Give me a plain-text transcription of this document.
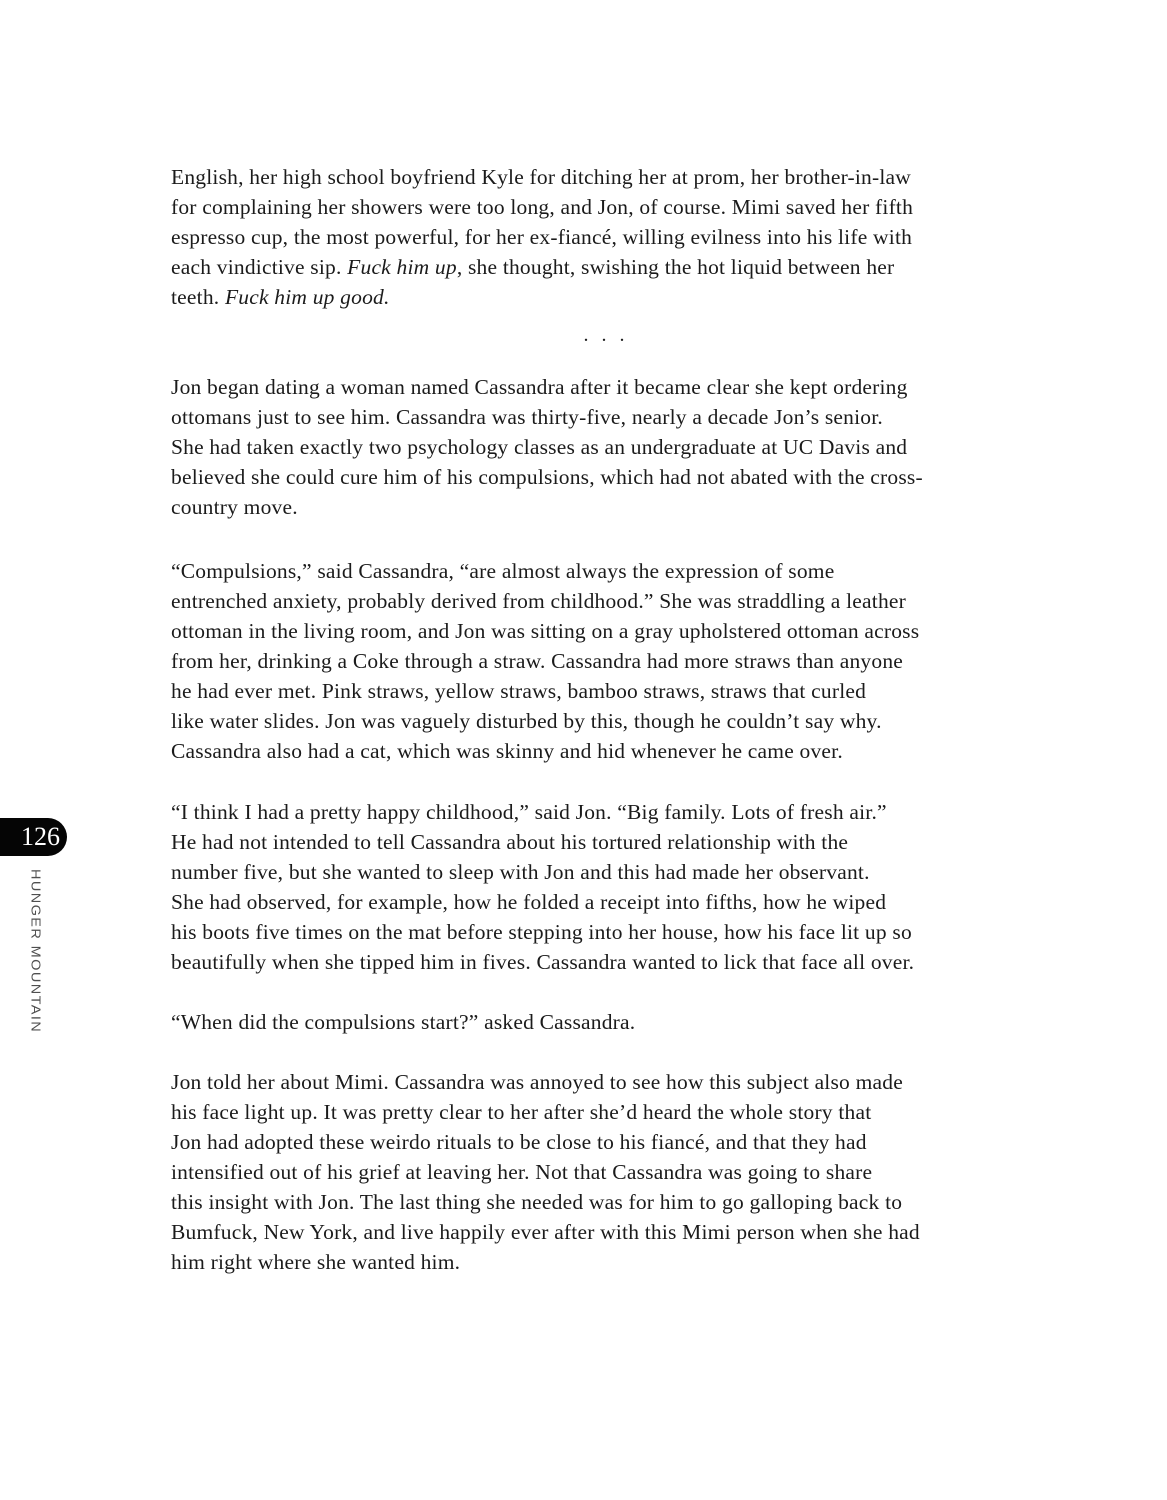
126
HUNGER MOUNTAIN
English, her high school boyfriend Kyle for ditching her at prom, her brother-in-law
for complaining her showers were too long, and Jon, of course. Mimi saved her fifth
espresso cup, the most powerful, for her ex-fiancé, willing evilness into his life with
each vindictive sip. Fuck him up, she thought, swishing the hot liquid between her
teeth. Fuck him up good.
Jon began dating a woman named Cassandra after it became clear she kept ordering
ottomans just to see him. Cassandra was thirty-five, nearly a decade Jon’s senior.
She had taken exactly two psychology classes as an undergraduate at UC Davis and
believed she could cure him of his compulsions, which had not abated with the cross-
country move.
“Compulsions,” said Cassandra, “are almost always the expression of some
entrenched anxiety, probably derived from childhood.” She was straddling a leather
ottoman in the living room, and Jon was sitting on a gray upholstered ottoman across
from her, drinking a Coke through a straw. Cassandra had more straws than anyone
he had ever met. Pink straws, yellow straws, bamboo straws, straws that curled
like water slides. Jon was vaguely disturbed by this, though he couldn’t say why.
Cassandra also had a cat, which was skinny and hid whenever he came over.
“I think I had a pretty happy childhood,” said Jon. “Big family. Lots of fresh air.”
He had not intended to tell Cassandra about his tortured relationship with the
number five, but she wanted to sleep with Jon and this had made her observant.
She had observed, for example, how he folded a receipt into fifths, how he wiped
his boots five times on the mat before stepping into her house, how his face lit up so
beautifully when she tipped him in fives. Cassandra wanted to lick that face all over.
“When did the compulsions start?” asked Cassandra.
Jon told her about Mimi. Cassandra was annoyed to see how this subject also made
his face light up. It was pretty clear to her after she’d heard the whole story that
Jon had adopted these weirdo rituals to be close to his fiancé, and that they had
intensified out of his grief at leaving her. Not that Cassandra was going to share
this insight with Jon. The last thing she needed was for him to go galloping back to
Bumfuck, New York, and live happily ever after with this Mimi person when she had
him right where she wanted him.
. . .
